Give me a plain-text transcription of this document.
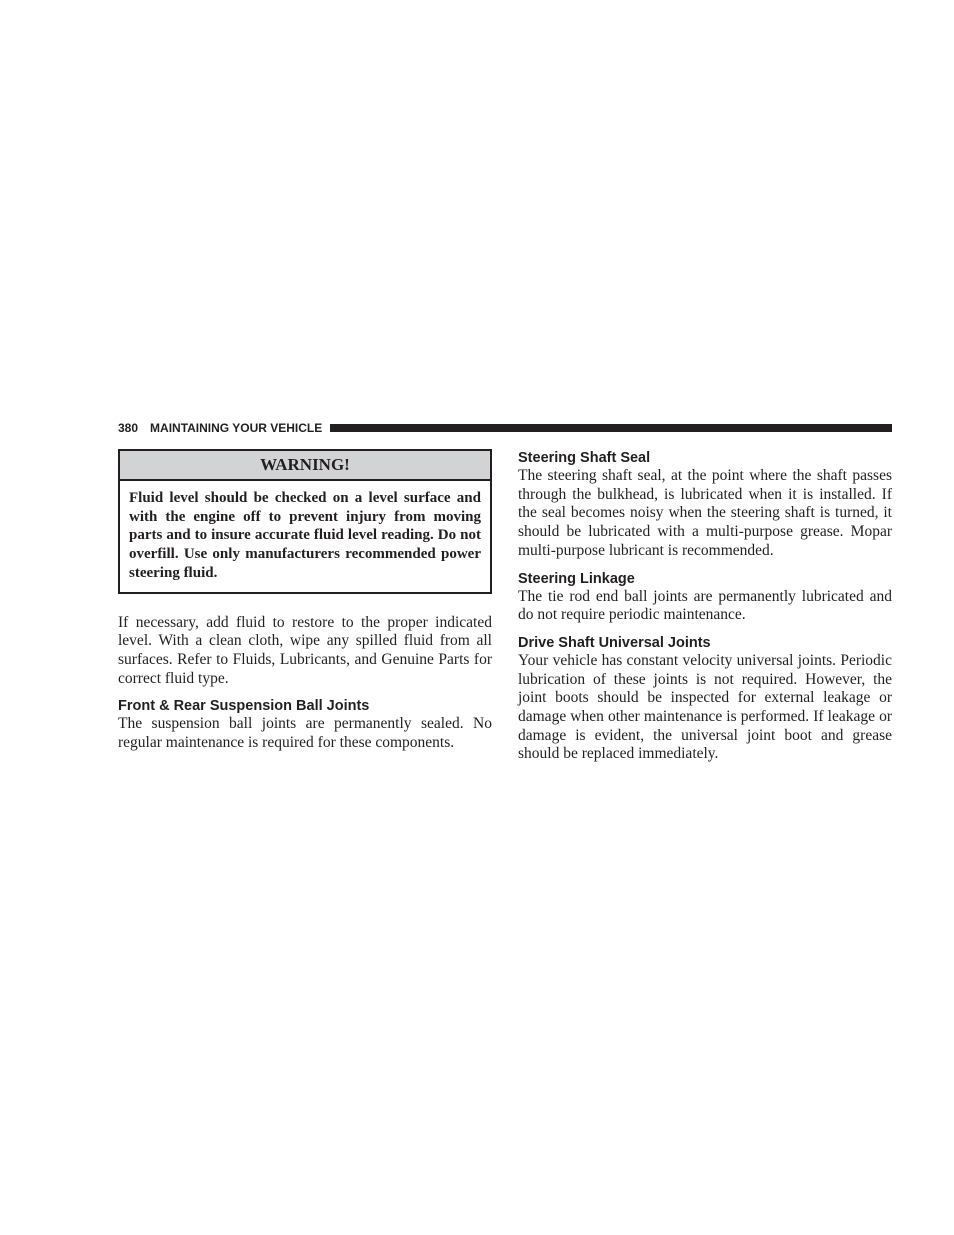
380 MAINTAINING YOUR VEHICLE
WARNING!
Fluid level should be checked on a level surface and with the engine off to prevent injury from moving parts and to insure accurate fluid level reading. Do not overfill. Use only manufacturers recommended power steering fluid.

If necessary, add fluid to restore to the proper indicated level. With a clean cloth, wipe any spilled fluid from all surfaces. Refer to Fluids, Lubricants, and Genuine Parts for correct fluid type.

Front & Rear Suspension Ball Joints

The suspension ball joints are permanently sealed. No regular maintenance is required for these components.

Steering Shaft Seal

The steering shaft seal, at the point where the shaft passes through the bulkhead, is lubricated when it is installed. If the seal becomes noisy when the steering shaft is turned, it should be lubricated with a multi-purpose grease. Mopar multi-purpose lubricant is recommended.

Steering Linkage

The tie rod end ball joints are permanently lubricated and do not require periodic maintenance.

Drive Shaft Universal Joints

Your vehicle has constant velocity universal joints. Periodic lubrication of these joints is not required. However, the joint boots should be inspected for external leakage or damage when other maintenance is performed. If leakage or damage is evident, the universal joint boot and grease should be replaced immediately.
